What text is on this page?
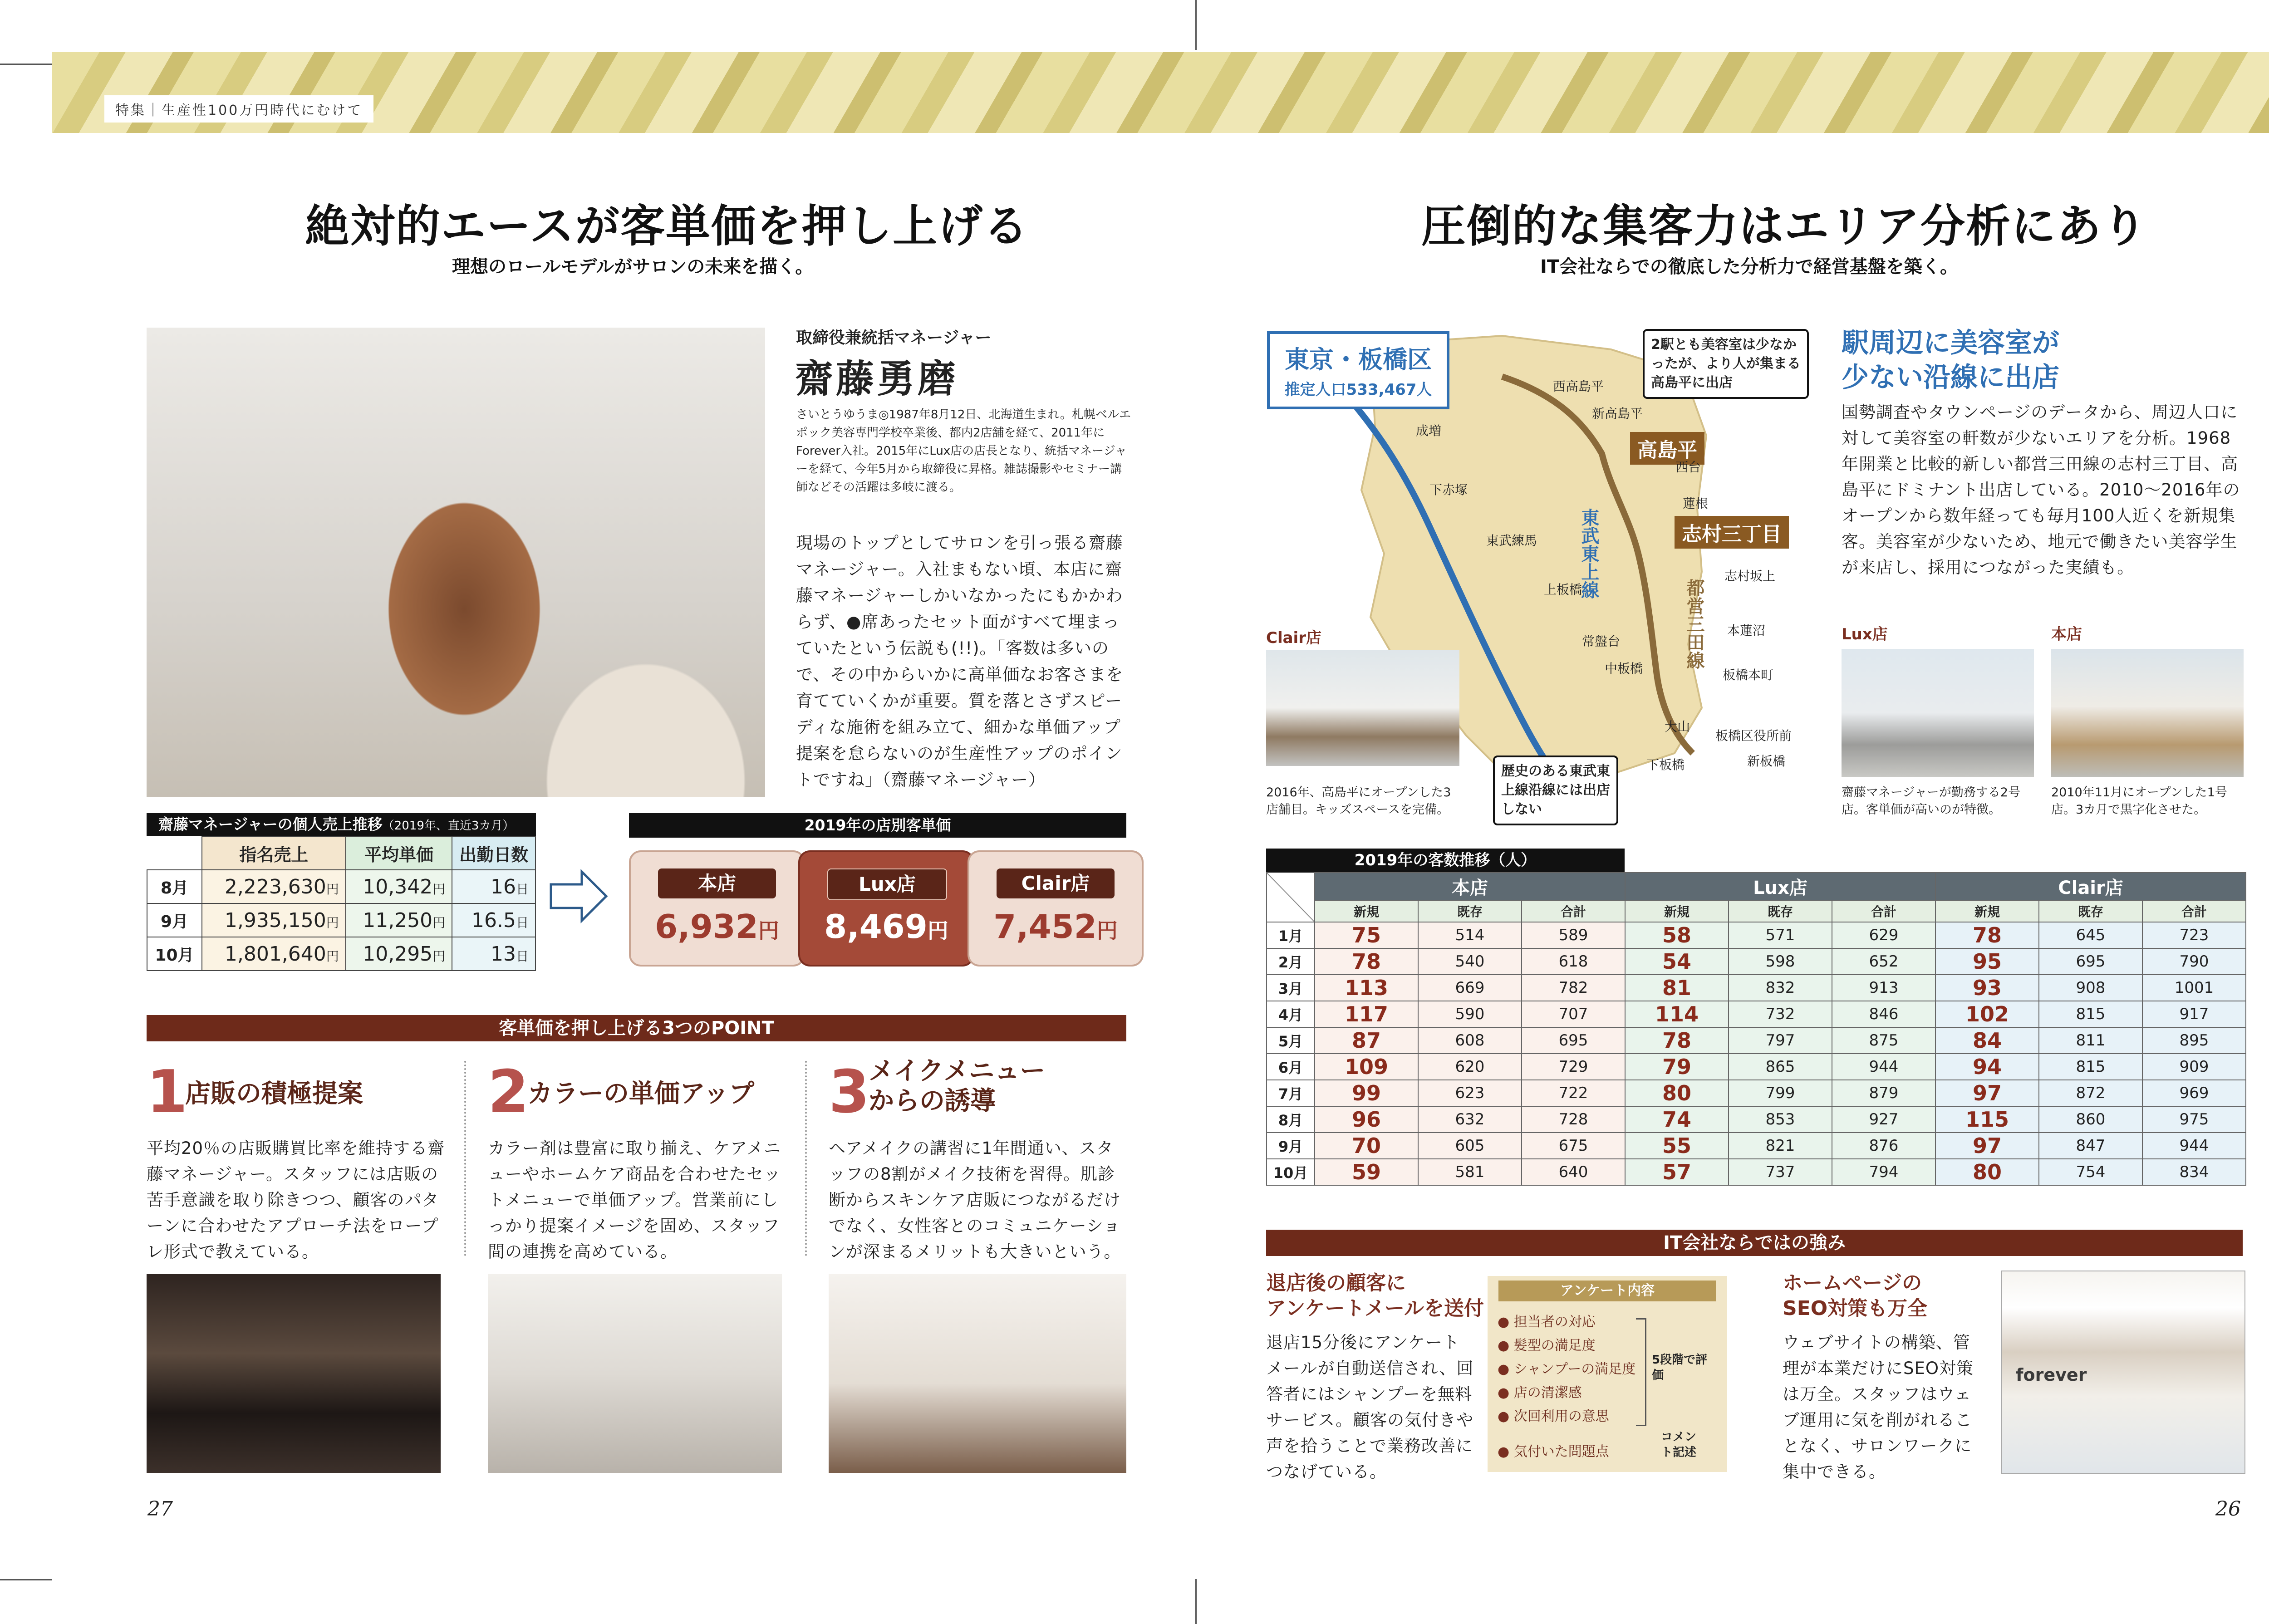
特集｜生産性100万円時代にむけて
絶対的エースが客単価を押し上げる
理想のロールモデルがサロンの未来を描く。
取締役兼統括マネージャー
齋藤勇磨
さいとうゆうま◎1987年8月12日、北海道生まれ。札幌ベルエポック美容専門学校卒業後、都内2店舗を経て、2011年にForever入社。2015年にLux店の店長となり、統括マネージャーを経て、今年5月から取締役に昇格。雑誌撮影やセミナー講師などその活躍は多岐に渡る。
現場のトップとしてサロンを引っ張る齋藤マネージャー。入社まもない頃、本店に齋藤マネージャーしかいなかったにもかかわらず、●席あったセット面がすべて埋まっていたという伝説も(!!)。「客数は多いので、その中からいかに高単価なお客さまを育てていくかが重要。質を落とさずスピーディな施術を組み立て、細かな単価アップ提案を怠らないのが生産性アップのポイントですね」（齋藤マネージャー）
齋藤マネージャーの個人売上推移（2019年、直近3カ月）
	指名売上	平均単価	出勤日数
8月	2,223,630円	10,342円	16日
9月	1,935,150円	11,250円	16.5日
10月	1,801,640円	10,295円	13日
2019年の店別客単価
本店
6,932円
Lux店
8,469円
Clair店
7,452円
客単価を押し上げる3つのPOINT
1
店販の積極提案
平均20％の店販購買比率を維持する齋藤マネージャー。スタッフには店販の苦手意識を取り除きつつ、顧客のパターンに合わせたアプローチ法をロープレ形式で教えている。
2
カラーの単価アップ
カラー剤は豊富に取り揃え、ケアメニューやホームケア商品を合わせたセットメニューで単価アップ。営業前にしっかり提案イメージを固め、スタッフ間の連携を高めている。
3
メイクメニュー
からの誘導
ヘアメイクの講習に1年間通い、スタッフの8割がメイク技術を習得。肌診断からスキンケア店販につながるだけでなく、女性客とのコミュニケーションが深まるメリットも大きいという。
27
圧倒的な集客力はエリア分析にあり
IT会社ならでの徹底した分析力で経営基盤を築く。
東京・板橋区
推定人口533,467人
2駅とも美容室は少なかったが、より人が集まる高島平に出店
歴史のある東武東上線沿線には出店しない
東武東上線
都営三田線
高島平
志村三丁目
成増
下赤塚
東武練馬
上板橋
常盤台
中板橋
大山
下板橋
西高島平
新高島平
西台
蓮根
志村坂上
本蓮沼
板橋本町
板橋区役所前
新板橋
Clair店
2016年、高島平にオープンした3店舗目。キッズスペースを完備。
駅周辺に美容室が
少ない沿線に出店
国勢調査やタウンページのデータから、周辺人口に対して美容室の軒数が少ないエリアを分析。1968年開業と比較的新しい都営三田線の志村三丁目、高島平にドミナント出店している。2010～2016年のオープンから数年経っても毎月100人近くを新規集客。美容室が少ないため、地元で働きたい美容学生が来店し、採用につながった実績も。
Lux店
齋藤マネージャーが勤務する2号店。客単価が高いのが特徴。
本店
2010年11月にオープンした1号店。3カ月で黒字化させた。
2019年の客数推移（人）
	本店			Lux店			Clair店		
	新規	既存	合計	新規	既存	合計	新規	既存	合計
1月	75	514	589	58	571	629	78	645	723
2月	78	540	618	54	598	652	95	695	790
3月	113	669	782	81	832	913	93	908	1001
4月	117	590	707	114	732	846	102	815	917
5月	87	608	695	78	797	875	84	811	895
6月	109	620	729	79	865	944	94	815	909
7月	99	623	722	80	799	879	97	872	969
8月	96	632	728	74	853	927	115	860	975
9月	70	605	675	55	821	876	97	847	944
10月	59	581	640	57	737	794	80	754	834
IT会社ならではの強み
退店後の顧客に
アンケートメールを送付
退店15分後にアンケートメールが自動送信され、回答者にはシャンプーを無料サービス。顧客の気付きや声を拾うことで業務改善につなげている。
アンケート内容
● 担当者の対応
● 髪型の満足度
● シャンプーの満足度
● 店の清潔感
● 次回利用の意思
● 気付いた問題点
5段階で評価
コメント記述
ホームページの
SEO対策も万全
ウェブサイトの構築、管理が本業だけにSEO対策は万全。スタッフはウェブ運用に気を削がれることなく、サロンワークに集中できる。
forever
26
